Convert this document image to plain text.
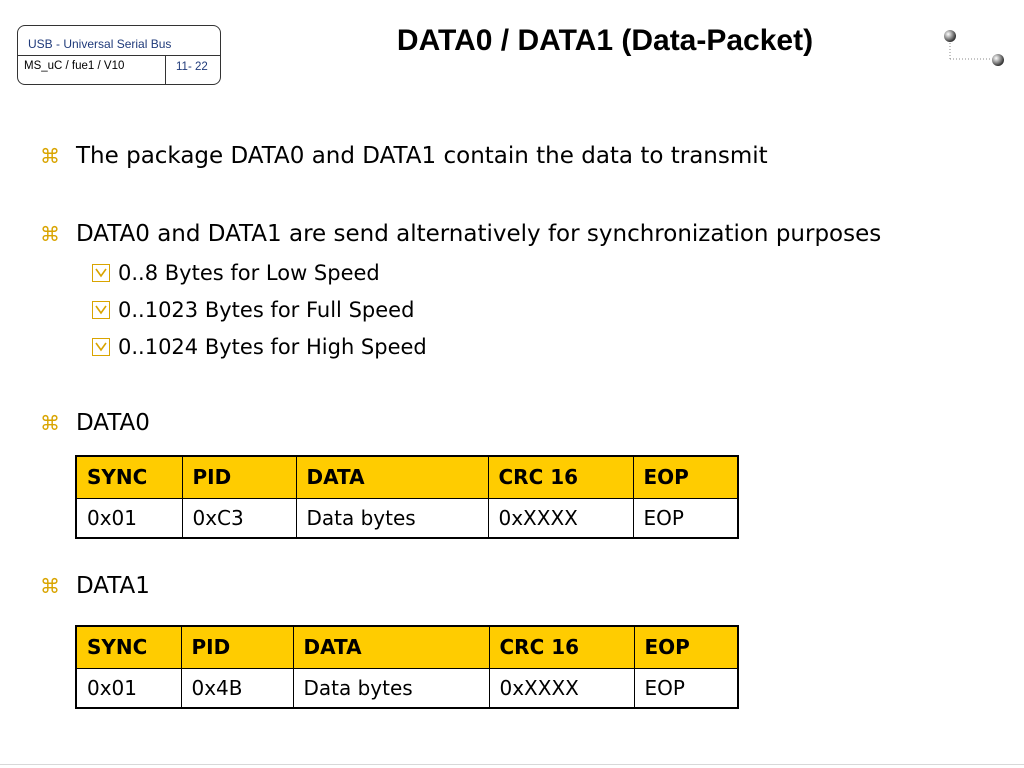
USB - Universal Serial Bus
MS_uC / fue1 / V10	11- 22
DATA0 / DATA1 (Data-Packet)
⌘ The package DATA0 and DATA1 contain the data to transmit
⌘ DATA0 and DATA1 are send alternatively for synchronization purposes
0..8 Bytes for Low Speed
0..1023 Bytes for Full Speed
0..1024 Bytes for High Speed
⌘ DATA0
SYNC	PID	DATA	CRC 16	EOP
0x01	0xC3	Data bytes	0xXXXX	EOP
⌘ DATA1
SYNC	PID	DATA	CRC 16	EOP
0x01	0x4B	Data bytes	0xXXXX	EOP
